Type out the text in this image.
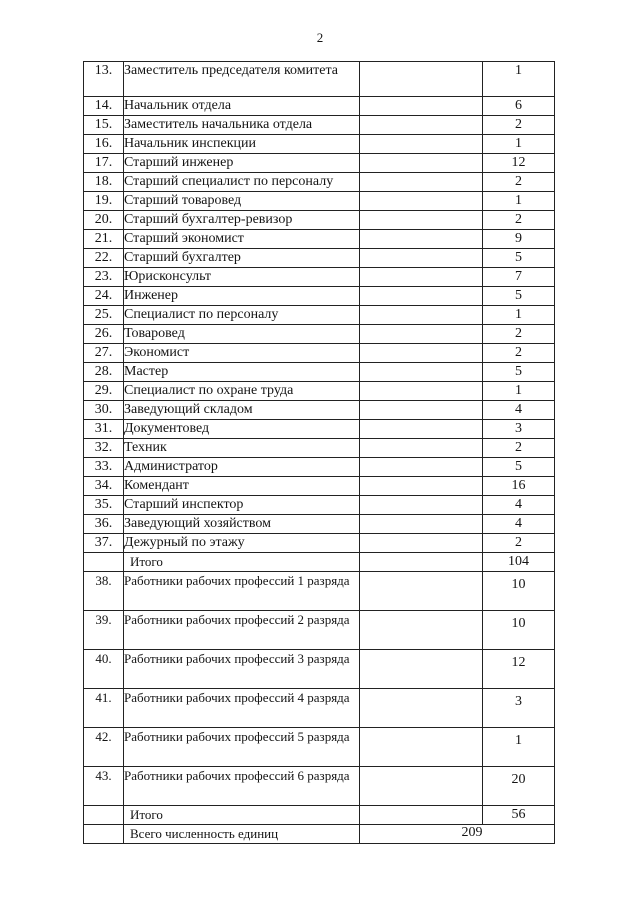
2
13.	Заместитель председателя комитета		1
14.	Начальник отдела		6
15.	Заместитель начальника отдела		2
16.	Начальник инспекции		1
17.	Старший инженер		12
18.	Старший специалист по персоналу		2
19.	Старший товаровед		1
20.	Старший бухгалтер-ревизор		2
21.	Старший экономист		9
22.	Старший бухгалтер		5
23.	Юрисконсульт		7
24.	Инженер		5
25.	Специалист по персоналу		1
26.	Товаровед		2
27.	Экономист		2
28.	Мастер		5
29.	Специалист по охране труда		1
30.	Заведующий складом		4
31.	Документовед		3
32.	Техник		2
33.	Администратор		5
34.	Комендант		16
35.	Старший инспектор		4
36.	Заведующий хозяйством		4
37.	Дежурный по этажу		2
	Итого		104
38.	Работники рабочих профессий 1 разряда		10
39.	Работники рабочих профессий 2 разряда		10
40.	Работники рабочих профессий 3 разряда		12
41.	Работники рабочих профессий 4 разряда		3
42.	Работники рабочих профессий 5 разряда		1
43.	Работники рабочих профессий 6 разряда		20
	Итого		56
	Всего численность единиц	209	
